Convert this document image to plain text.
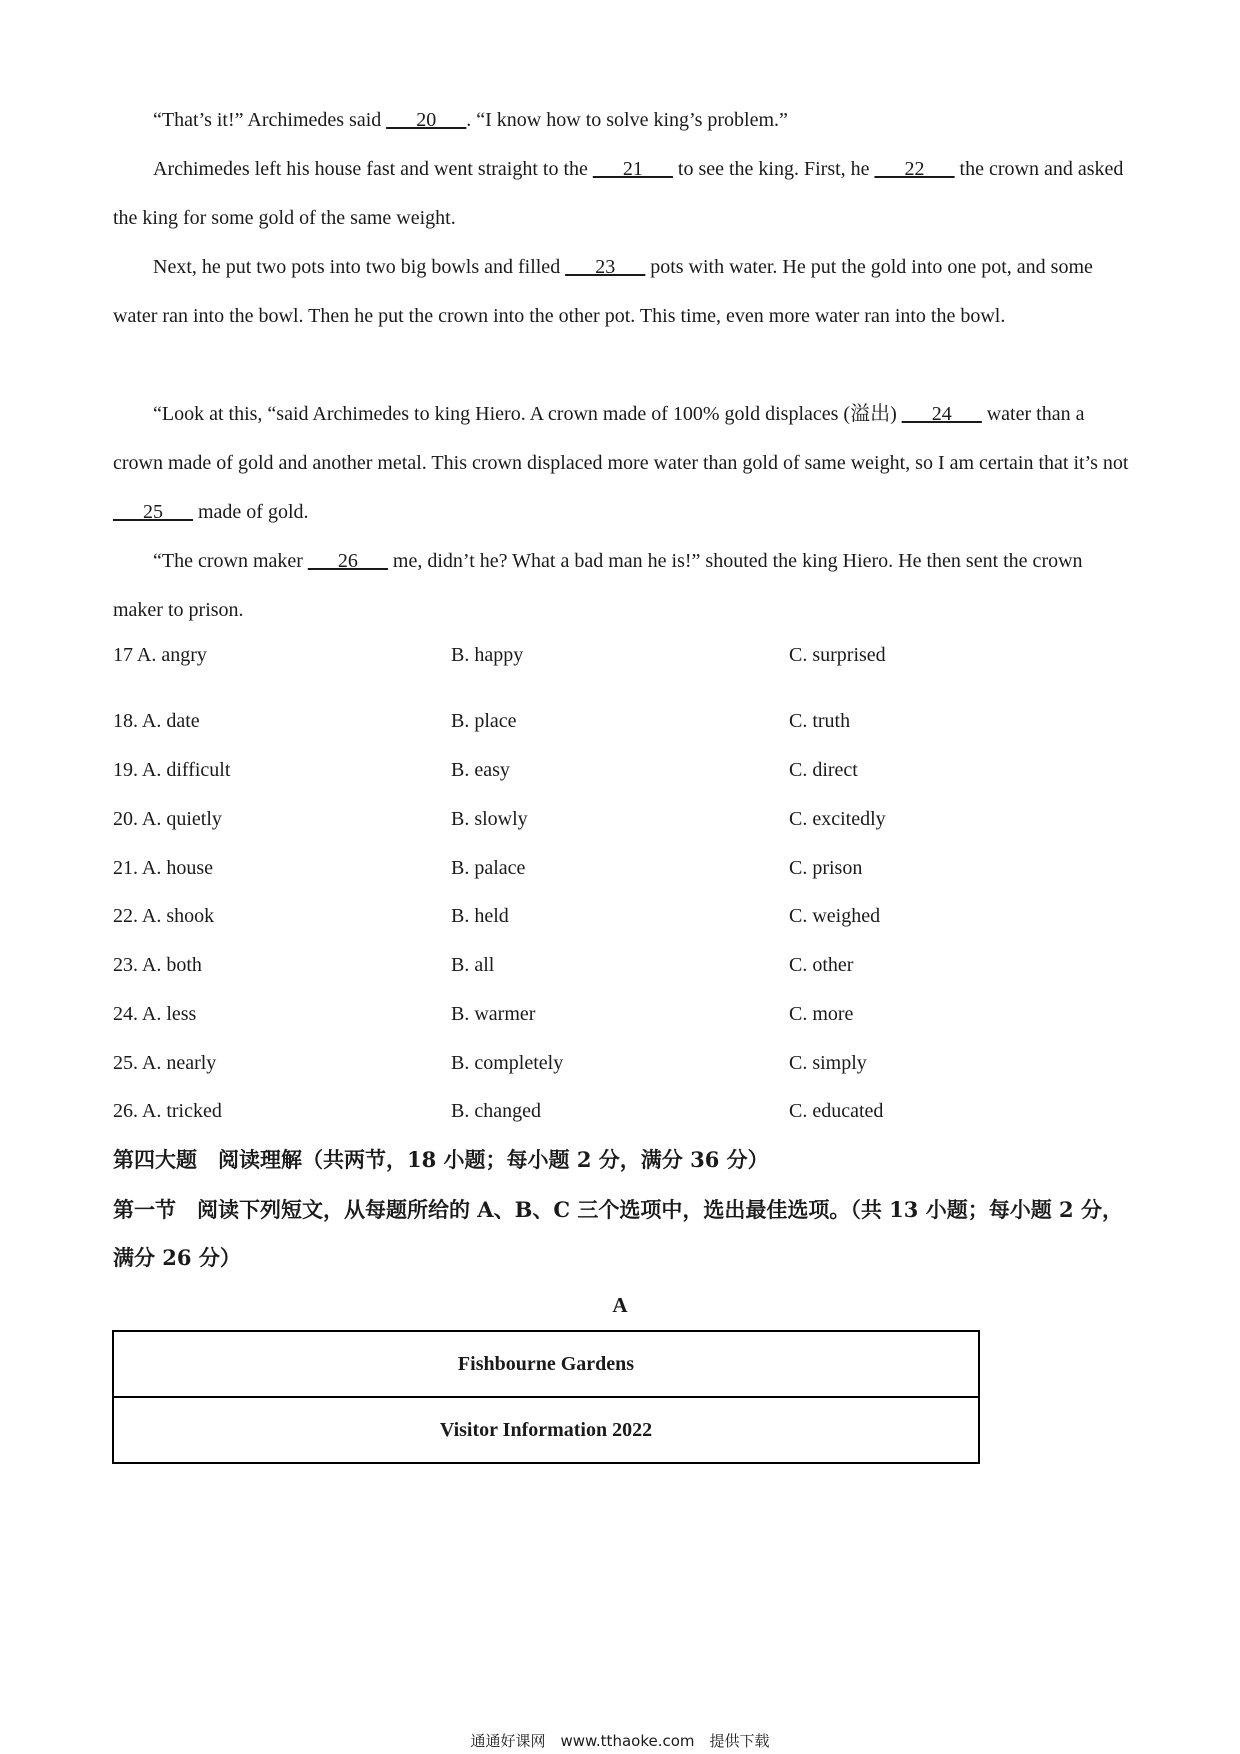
“That’s it!” Archimedes said ___20___. “I know how to solve king’s problem.”

Archimedes left his house fast and went straight to the ___21___ to see the king. First, he ___22___ the crown and asked the king for some gold of the same weight.

Next, he put two pots into two big bowls and filled ___23___ pots with water. He put the gold into one pot, and some water ran into the bowl. Then he put the crown into the other pot. This time, even more water ran into the bowl.

“Look at this, “said Archimedes to king Hiero. A crown made of 100% gold displaces (溢出) ___24___ water than a crown made of gold and another metal. This crown displaced more water than gold of same weight, so I am certain that it’s not ___25___ made of gold.

“The crown maker ___26___ me, didn’t he? What a bad man he is!” shouted the king Hiero. He then sent the crown maker to prison.

17 A. angry	B. happy	C. surprised
18. A. date	B. place	C. truth
19. A. difficult	B. easy	C. direct
20. A. quietly	B. slowly	C. excitedly
21. A. house	B. palace	C. prison
22. A. shook	B. held	C. weighed
23. A. both	B. all	C. other
24. A. less	B. warmer	C. more
25. A. nearly	B. completely	C. simply
26. A. tricked	B. changed	C. educated

第四大题　阅读理解（共两节，18 小题；每小题 2 分，满分 36 分）

第一节　阅读下列短文，从每题所给的 A、B、C 三个选项中，选出最佳选项。（共 13 小题；每小题 2 分，满分 26 分）

A
Fishbourne Gardens
Visitor Information 2022
通通好课网　www.tthaoke.com　提供下载
